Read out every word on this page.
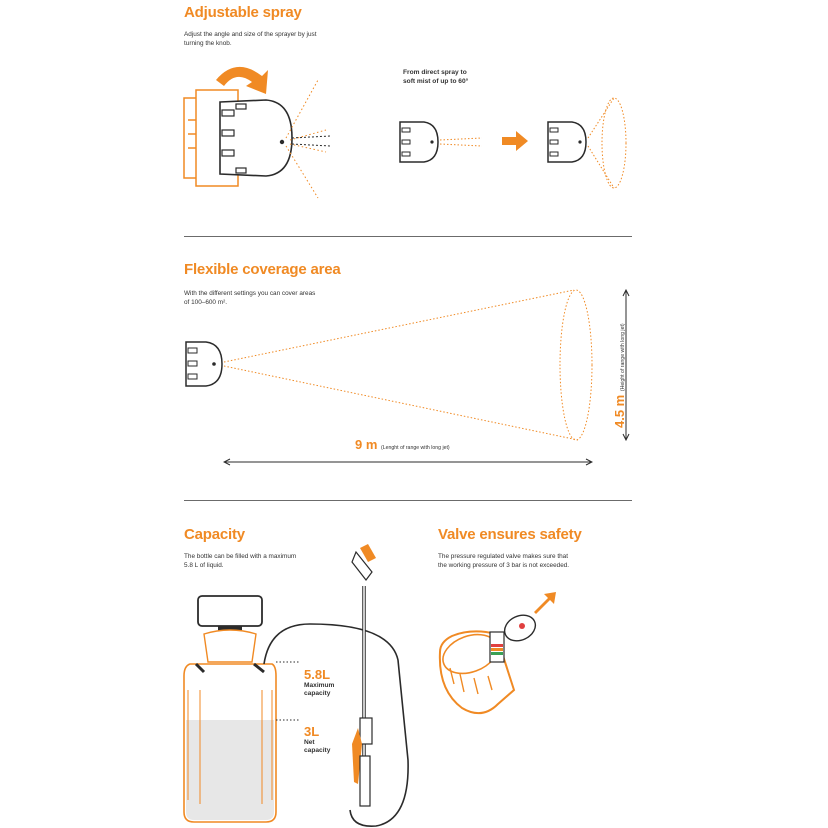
Adjustable spray
Adjust the angle and size of the sprayer by just
turning the knob.
From direct spray to
soft mist of up to 60°
Flexible coverage area
With the different settings you can cover areas
of 100–600 m².
9 m (Lenght of range with long jet)
4.5 m (Height of range with long jet)
Capacity
The bottle can be filled with a maximum
5.8 L of liquid.
Valve ensures safety
The pressure regulated valve makes sure that
the working pressure of 3 bar is not exceeded.
5.8L
Maximum
capacity
3L
Net
capacity
